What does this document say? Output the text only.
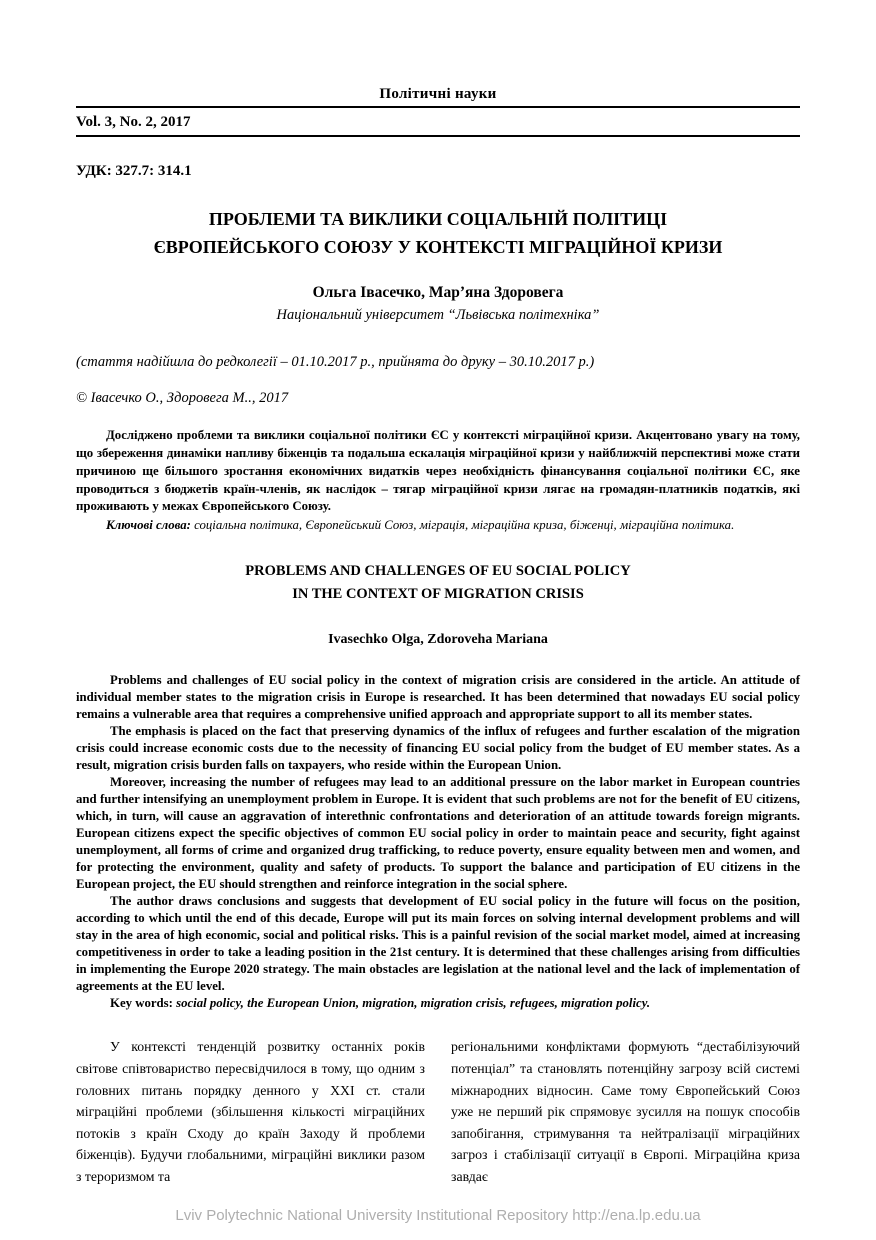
Політичні науки
Vol. 3, No. 2, 2017
УДК: 327.7: 314.1
ПРОБЛЕМИ ТА ВИКЛИКИ СОЦІАЛЬНІЙ ПОЛІТИЦІ
ЄВРОПЕЙСЬКОГО СОЮЗУ У КОНТЕКСТІ МІГРАЦІЙНОЇ КРИЗИ
Ольга Івасечко, Мар’яна Здоровега
Національний університет “Львівська політехніка”
(стаття надійшла до редколегії – 01.10.2017 р., прийнята до друку – 30.10.2017 р.)
© Івасечко О., Здоровега М.., 2017

Досліджено проблеми та виклики соціальної політики ЄС у контексті міграційної кризи. Акцентовано увагу на тому, що збереження динаміки напливу біженців та подальша ескалація міграційної кризи у найближчій перспективі може стати причиною ще більшого зростання економічних видатків через необхідність фінансування соціальної політики ЄС, яке проводиться з бюджетів країн-членів, як наслідок – тягар міграційної кризи лягає на громадян-платників податків, які проживають у межах Європейського Союзу.

Ключові слова: соціальна політика, Європейський Союз, міграція, міграційна криза, біженці, міграційна політика.
PROBLEMS AND CHALLENGES OF EU SOCIAL POLICY
IN THE CONTEXT OF MIGRATION CRISIS
Ivasechko Olga, Zdoroveha Mariana

Problems and challenges of EU social policy in the context of migration crisis are considered in the article. An attitude of individual member states to the migration crisis in Europe is researched. It has been determined that nowadays EU social policy remains a vulnerable area that requires a comprehensive unified approach and appropriate support to all its member states.

The emphasis is placed on the fact that preserving dynamics of the influx of refugees and further escalation of the migration crisis could increase economic costs due to the necessity of financing EU social policy from the budget of EU member states. As a result, migration crisis burden falls on taxpayers, who reside within the European Union.

Moreover, increasing the number of refugees may lead to an additional pressure on the labor market in European countries and further intensifying an unemployment problem in Europe. It is evident that such problems are not for the benefit of EU citizens, which, in turn, will cause an aggravation of interethnic confrontations and deterioration of an attitude towards foreign migrants. European citizens expect the specific objectives of common EU social policy in order to maintain peace and security, fight against unemployment, all forms of crime and organized drug trafficking, to reduce poverty, ensure equality between men and women, and for protecting the environment, quality and safety of products. To support the balance and participation of EU citizens in the European project, the EU should strengthen and reinforce integration in the social sphere.

The author draws conclusions and suggests that development of EU social policy in the future will focus on the position, according to which until the end of this decade, Europe will put its main forces on solving internal development problems and will stay in the area of high economic, social and political risks. This is a painful revision of the social market model, aimed at increasing competitiveness in order to take a leading position in the 21st century. It is determined that these challenges arising from difficulties in implementing the Europe 2020 strategy. The main obstacles are legislation at the national level and the lack of implementation of agreements at the EU level.

Key words: social policy, the European Union, migration, migration crisis, refugees, migration policy.

У контексті тенденцій розвитку останніх років світове співтовариство пересвідчилося в тому, що одним з головних питань порядку денного у XXI ст. стали міграційні проблеми (збільшення кількості міграційних потоків з країн Сходу до країн Заходу й проблеми біженців). Будучи глобальними, міграційні виклики разом з тероризмом та

регіональними конфліктами формують “дестабілізуючий потенціал” та становлять потенційну загрозу всій системі міжнародних відносин. Саме тому Європейський Союз уже не перший рік спрямовує зусилля на пошук способів запобігання, стримування та нейтралізації міграційних загроз і стабілізації ситуації в Європі. Міграційна криза завдає

Lviv Polytechnic National University Institutional Repository http://ena.lp.edu.ua
